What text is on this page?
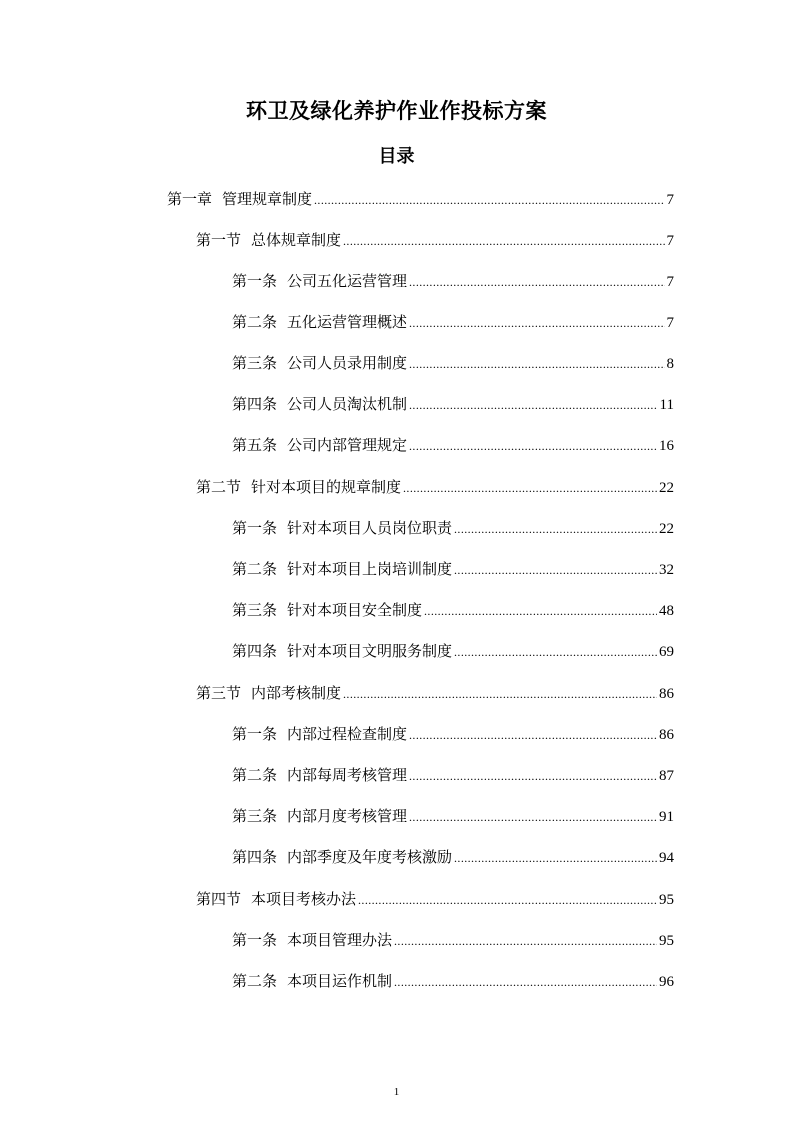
环卫及绿化养护作业作投标方案
目录
第一章 管理规章制度 .....	7
第一节 总体规章制度 .....	7
第一条 公司五化运营管理 .....	7
第二条 五化运营管理概述 .....	7
第三条 公司人员录用制度 .....	8
第四条 公司人员淘汰机制 .....	11
第五条 公司内部管理规定 .....	16
第二节 针对本项目的规章制度 .....	22
第一条 针对本项目人员岗位职责 .....	22
第二条 针对本项目上岗培训制度 .....	32
第三条 针对本项目安全制度 .....	48
第四条 针对本项目文明服务制度 .....	69
第三节 内部考核制度 .....	86
第一条 内部过程检查制度 .....	86
第二条 内部每周考核管理 .....	87
第三条 内部月度考核管理 .....	91
第四条 内部季度及年度考核激励 .....	94
第四节 本项目考核办法 .....	95
第一条 本项目管理办法 .....	95
第二条 本项目运作机制 .....	96
1
